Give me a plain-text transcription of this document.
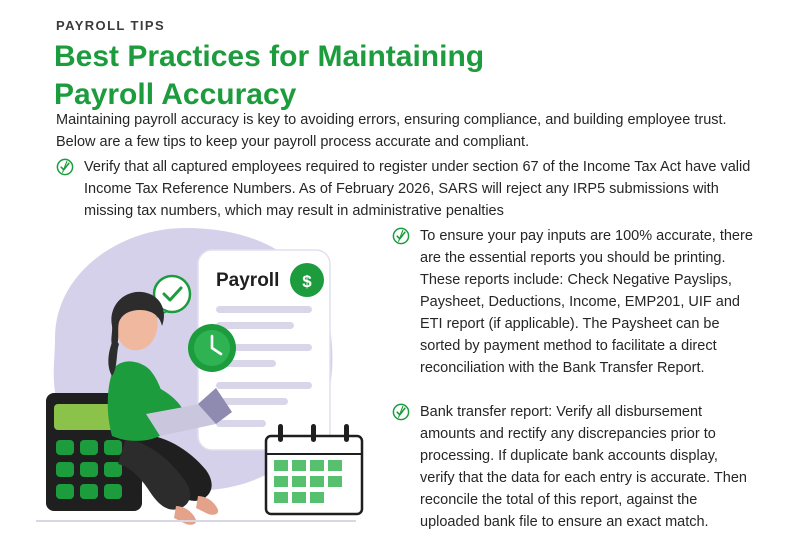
PAYROLL TIPS
Best Practices for Maintaining
Payroll Accuracy
Maintaining payroll accuracy is key to avoiding errors, ensuring compliance, and building employee trust. Below are a few tips to keep your payroll process accurate and compliant.
Verify that all captured employees required to register under section 67 of the Income Tax Act have valid Income Tax Reference Numbers. As of February 2026, SARS will reject any IRP5 submissions with missing tax numbers, which may result in administrative penalties
To ensure your pay inputs are 100% accurate, there are the essential reports you should be printing. These reports include: Check Negative Payslips, Paysheet, Deductions, Income, EMP201, UIF and ETI report (if applicable). The Paysheet can be sorted by payment method to facilitate a direct reconciliation with the Bank Transfer Report.
Bank transfer report: Verify all disbursement amounts and rectify any discrepancies prior to processing. If duplicate bank accounts display, verify that the data for each entry is accurate. Then reconcile the total of this report, against the uploaded bank file to ensure an exact match.
Payroll $
